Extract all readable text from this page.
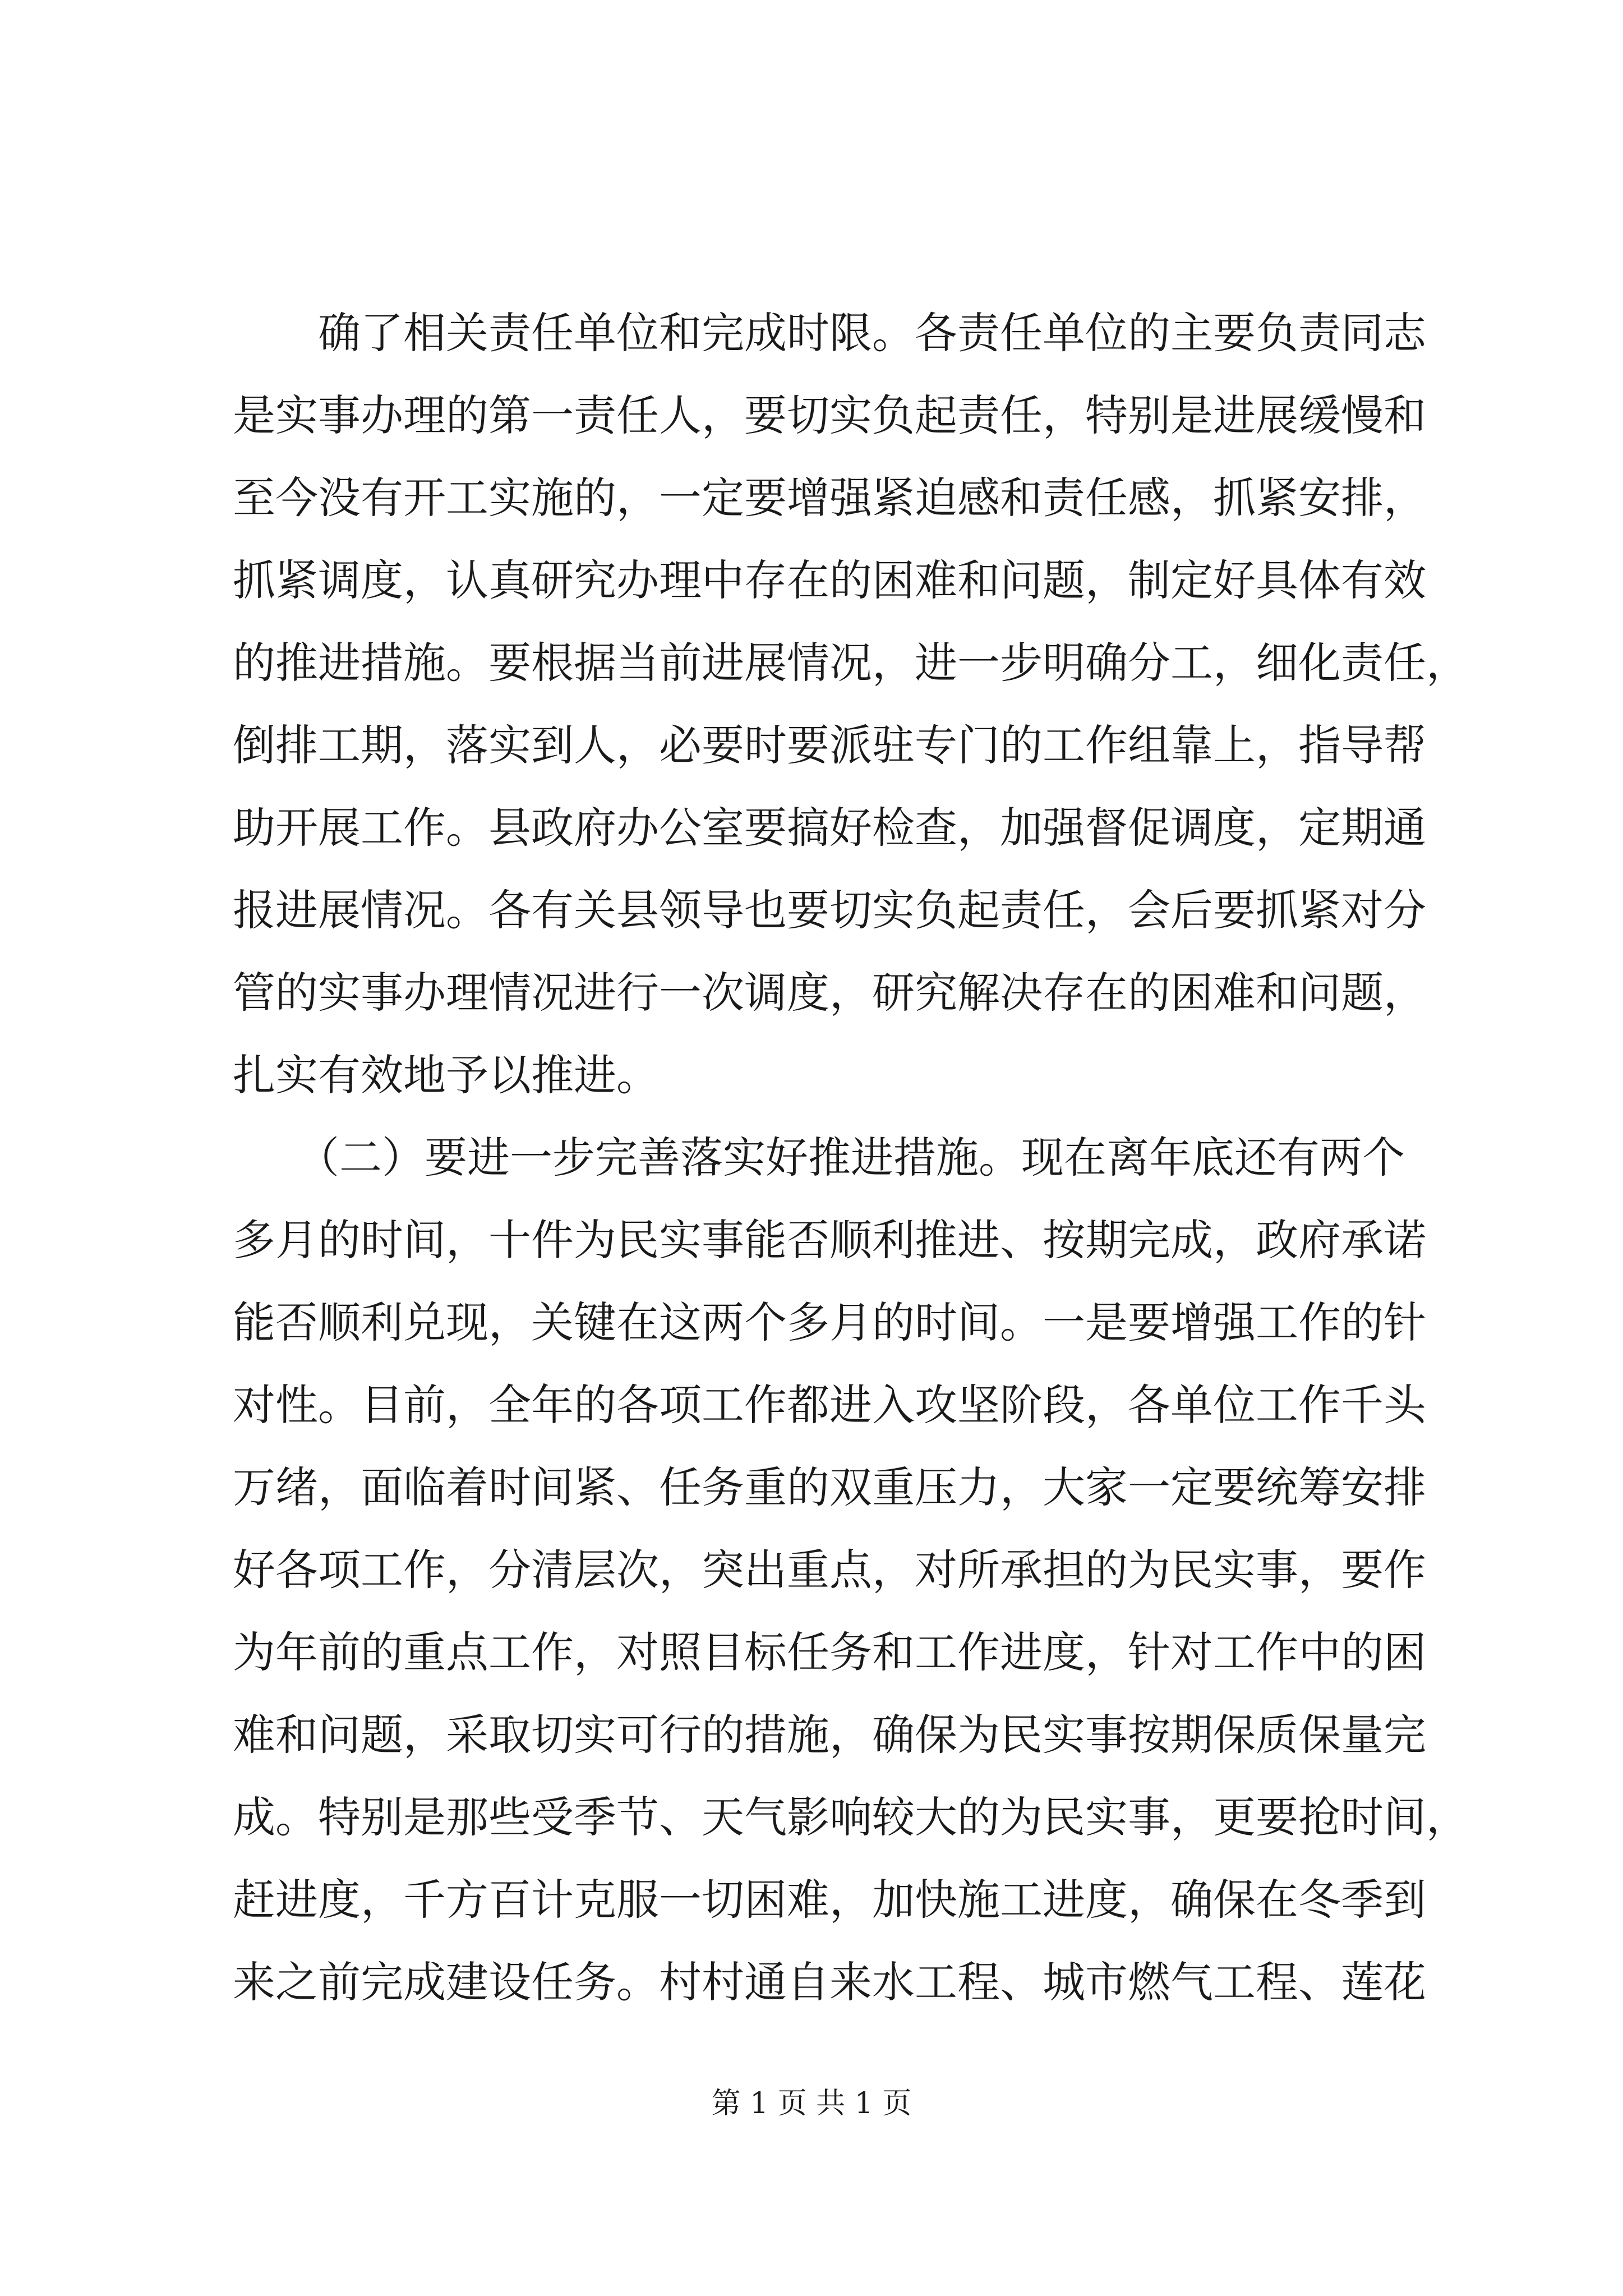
　　确了相关责任单位和完成时限。各责任单位的主要负责同志
是实事办理的第一责任人，要切实负起责任，特别是进展缓慢和
至今没有开工实施的，一定要增强紧迫感和责任感，抓紧安排，
抓紧调度，认真研究办理中存在的困难和问题，制定好具体有效
的推进措施。要根据当前进展情况，进一步明确分工，细化责任，
倒排工期，落实到人，必要时要派驻专门的工作组靠上，指导帮
助开展工作。县政府办公室要搞好检查，加强督促调度，定期通
报进展情况。各有关县领导也要切实负起责任，会后要抓紧对分
管的实事办理情况进行一次调度，研究解决存在的困难和问题，
扎实有效地予以推进。
　　（二）要进一步完善落实好推进措施。现在离年底还有两个
多月的时间，十件为民实事能否顺利推进、按期完成，政府承诺
能否顺利兑现，关键在这两个多月的时间。一是要增强工作的针
对性。目前，全年的各项工作都进入攻坚阶段，各单位工作千头
万绪，面临着时间紧、任务重的双重压力，大家一定要统筹安排
好各项工作，分清层次，突出重点，对所承担的为民实事，要作
为年前的重点工作，对照目标任务和工作进度，针对工作中的困
难和问题，采取切实可行的措施，确保为民实事按期保质保量完
成。特别是那些受季节、天气影响较大的为民实事，更要抢时间，
赶进度，千方百计克服一切困难，加快施工进度，确保在冬季到
来之前完成建设任务。村村通自来水工程、城市燃气工程、莲花
第 1 页 共 1 页
